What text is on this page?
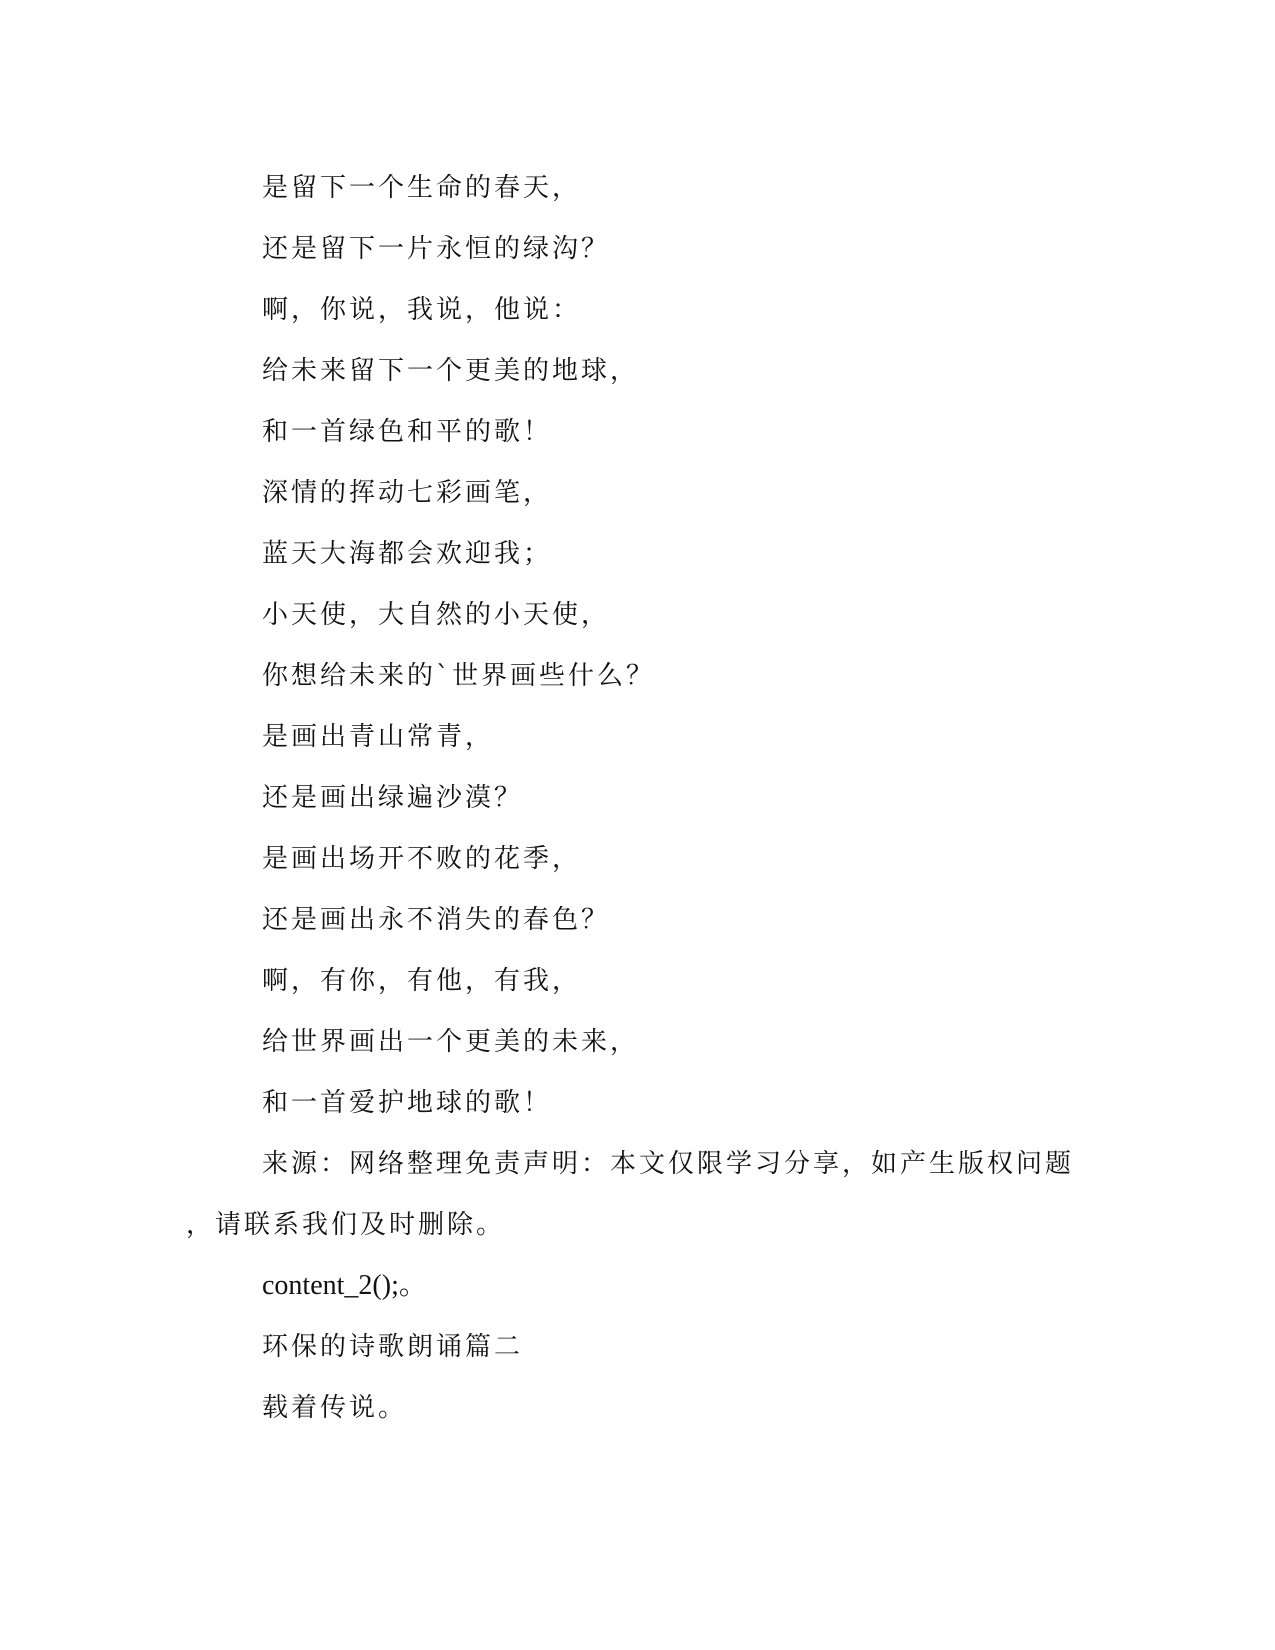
是留下一个生命的春天，
还是留下一片永恒的绿沟？
啊，你说，我说，他说：
给未来留下一个更美的地球，
和一首绿色和平的歌！
深情的挥动七彩画笔，
蓝天大海都会欢迎我；
小天使，大自然的小天使，
你想给未来的`世界画些什么？
是画出青山常青，
还是画出绿遍沙漠？
是画出场开不败的花季，
还是画出永不消失的春色？
啊，有你，有他，有我，
给世界画出一个更美的未来，
和一首爱护地球的歌！
来源：网络整理免责声明：本文仅限学习分享，如产生版权问题
，请联系我们及时删除。
content_2();。
环保的诗歌朗诵篇二
载着传说。
